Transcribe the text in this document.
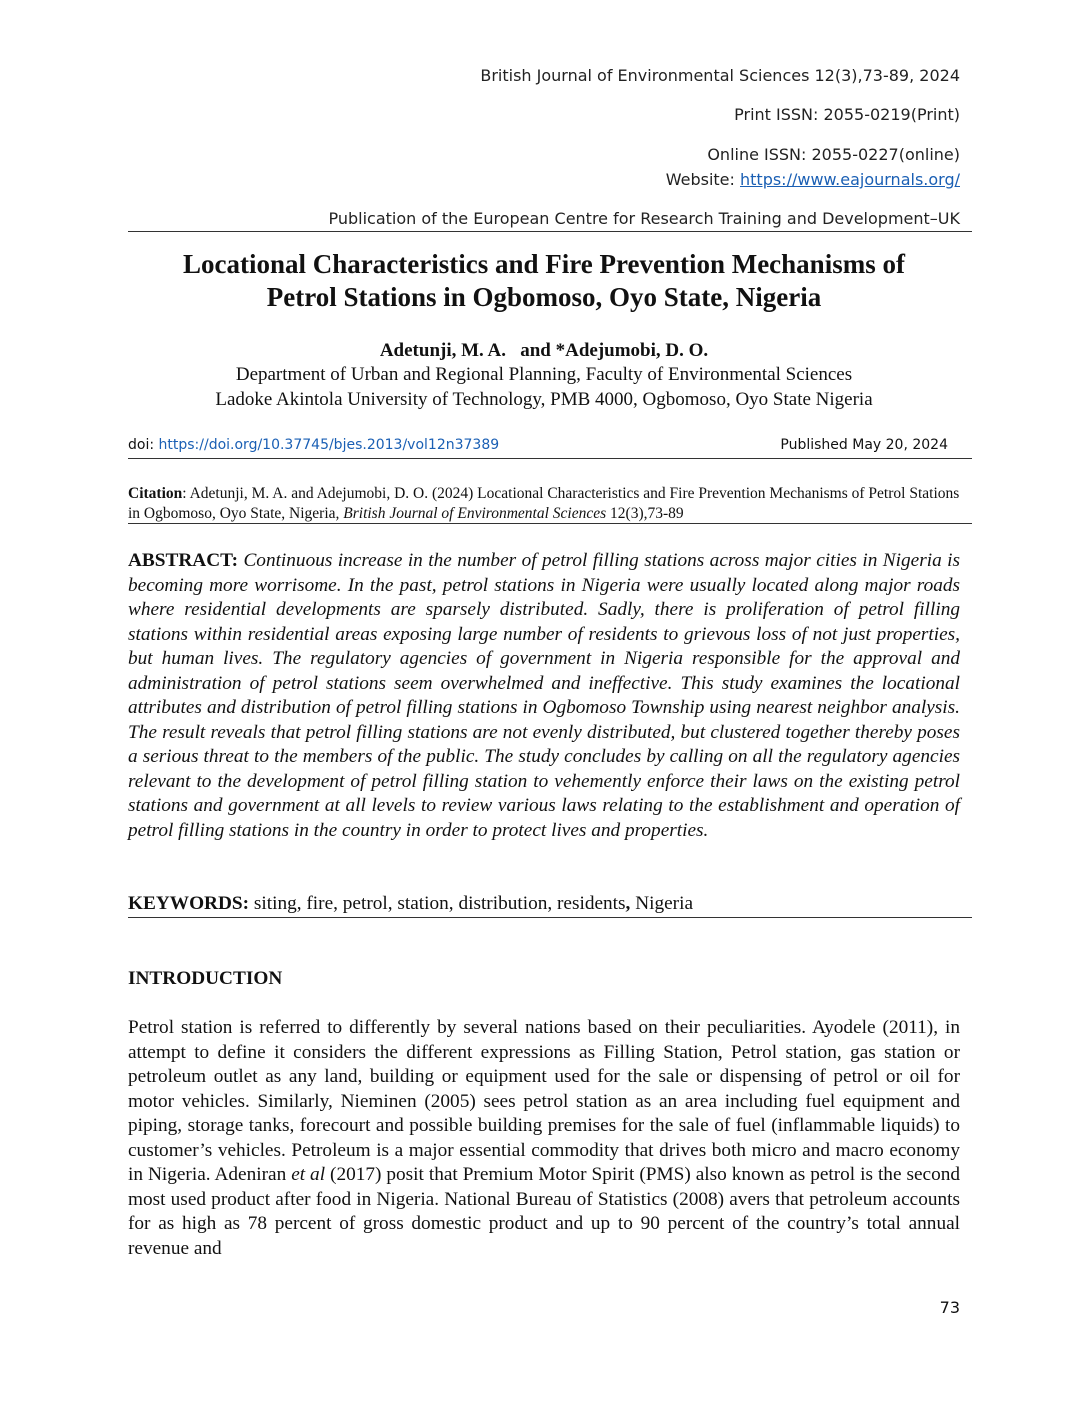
British Journal of Environmental Sciences 12(3),73-89, 2024
Print ISSN: 2055-0219(Print)
Online ISSN: 2055-0227(online)
Website: https://www.eajournals.org/
Publication of the European Centre for Research Training and Development–UK
Locational Characteristics and Fire Prevention Mechanisms of
Petrol Stations in Ogbomoso, Oyo State, Nigeria
Adetunji, M. A.   and *Adejumobi, D. O.
Department of Urban and Regional Planning, Faculty of Environmental Sciences
Ladoke Akintola University of Technology, PMB 4000, Ogbomoso, Oyo State Nigeria
doi: https://doi.org/10.37745/bjes.2013/vol12n37389	Published May 20, 2024
Citation: Adetunji, M. A. and Adejumobi, D. O. (2024) Locational Characteristics and Fire Prevention Mechanisms of Petrol Stations in Ogbomoso, Oyo State, Nigeria, British Journal of Environmental Sciences 12(3),73-89
ABSTRACT: Continuous increase in the number of petrol filling stations across major cities in Nigeria is becoming more worrisome. In the past, petrol stations in Nigeria were usually located along major roads where residential developments are sparsely distributed. Sadly, there is proliferation of petrol filling stations within residential areas exposing large number of residents to grievous loss of not just properties, but human lives. The regulatory agencies of government in Nigeria responsible for the approval and administration of petrol stations seem overwhelmed and ineffective. This study examines the locational attributes and distribution of petrol filling stations in Ogbomoso Township using nearest neighbor analysis. The result reveals that petrol filling stations are not evenly distributed, but clustered together thereby poses a serious threat to the members of the public. The study concludes by calling on all the regulatory agencies relevant to the development of petrol filling station to vehemently enforce their laws on the existing petrol stations and government at all levels to review various laws relating to the establishment and operation of petrol filling stations in the country in order to protect lives and properties.
KEYWORDS: siting, fire, petrol, station, distribution, residents, Nigeria
INTRODUCTION
Petrol station is referred to differently by several nations based on their peculiarities. Ayodele (2011), in attempt to define it considers the different expressions as Filling Station, Petrol station, gas station or petroleum outlet as any land, building or equipment used for the sale or dispensing of petrol or oil for motor vehicles. Similarly, Nieminen (2005) sees petrol station as an area including fuel equipment and piping, storage tanks, forecourt and possible building premises for the sale of fuel (inflammable liquids) to customer’s vehicles. Petroleum is a major essential commodity that drives both micro and macro economy in Nigeria. Adeniran et al (2017) posit that Premium Motor Spirit (PMS) also known as petrol is the second most used product after food in Nigeria. National Bureau of Statistics (2008) avers that petroleum accounts for as high as 78 percent of gross domestic product and up to 90 percent of the country’s total annual revenue and
73
